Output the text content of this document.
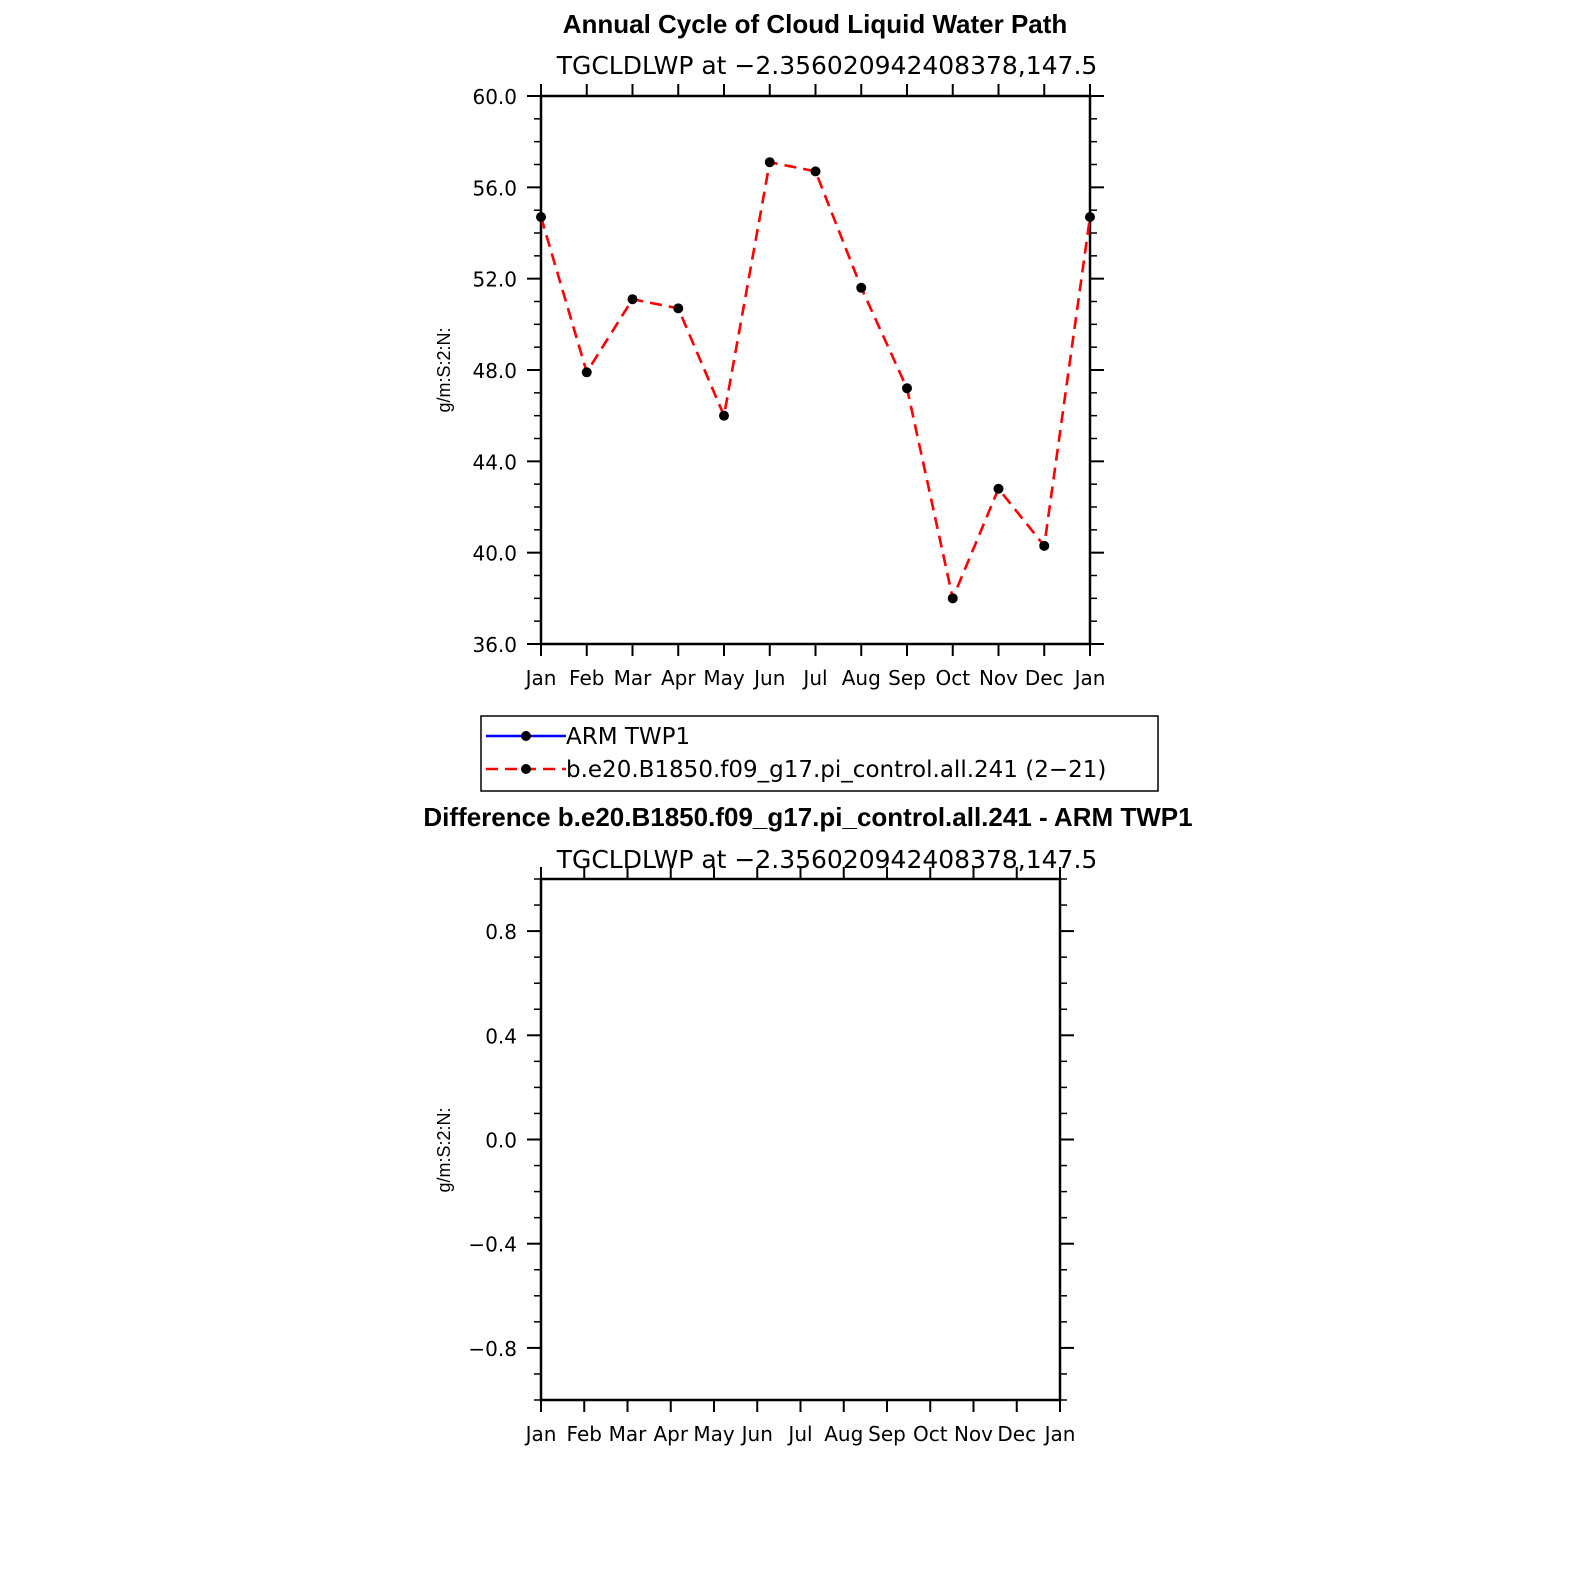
Annual Cycle of Cloud Liquid Water Path
TGCLDLWP at −2.356020942408378,147.5
Jan Feb Mar Apr May Jun Jul Aug Sep Oct Nov Dec Jan
36.0
40.0
44.0
48.0
52.0
56.0
60.0
g/m:S:2:N:
ARM TWP1
b.e20.B1850.f09_g17.pi_control.all.241 (2−21)
Difference b.e20.B1850.f09_g17.pi_control.all.241 - ARM TWP1
TGCLDLWP at −2.356020942408378,147.5
Jan Feb Mar Apr May Jun Jul Aug Sep Oct Nov Dec Jan
−0.8
−0.4
0.0
0.4
0.8
g/m:S:2:N:
